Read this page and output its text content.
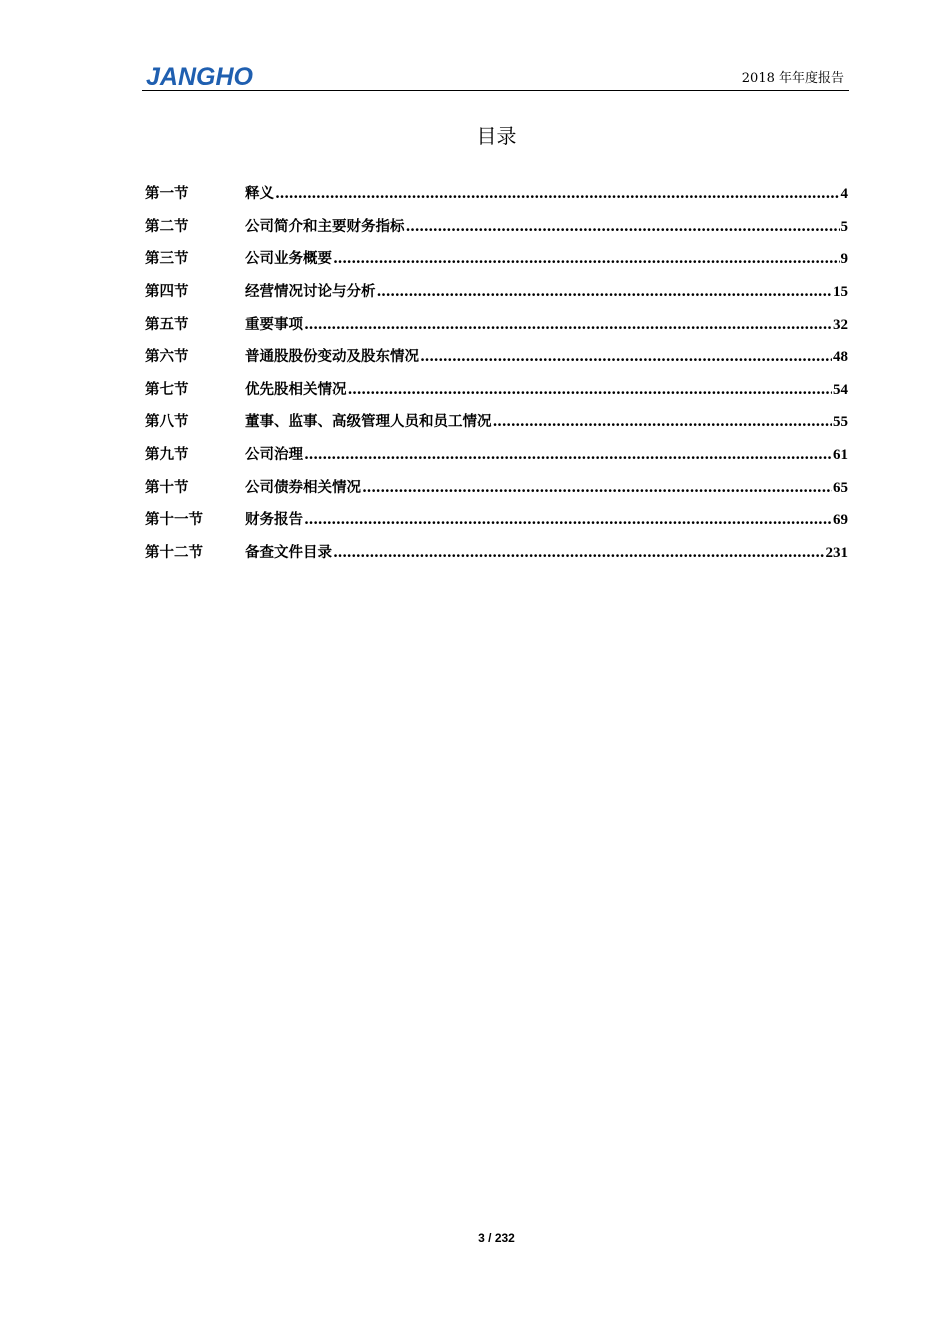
JANGHO	2018 年年度报告
目录
第一节	释义 .....	4
第二节	公司简介和主要财务指标 .....	5
第三节	公司业务概要 .....	9
第四节	经营情况讨论与分析 .....	15
第五节	重要事项 .....	32
第六节	普通股股份变动及股东情况 .....	48
第七节	优先股相关情况 .....	54
第八节	董事、监事、高级管理人员和员工情况 .....	55
第九节	公司治理 .....	61
第十节	公司债券相关情况 .....	65
第十一节	财务报告 .....	69
第十二节	备查文件目录 .....	231
3 / 232
